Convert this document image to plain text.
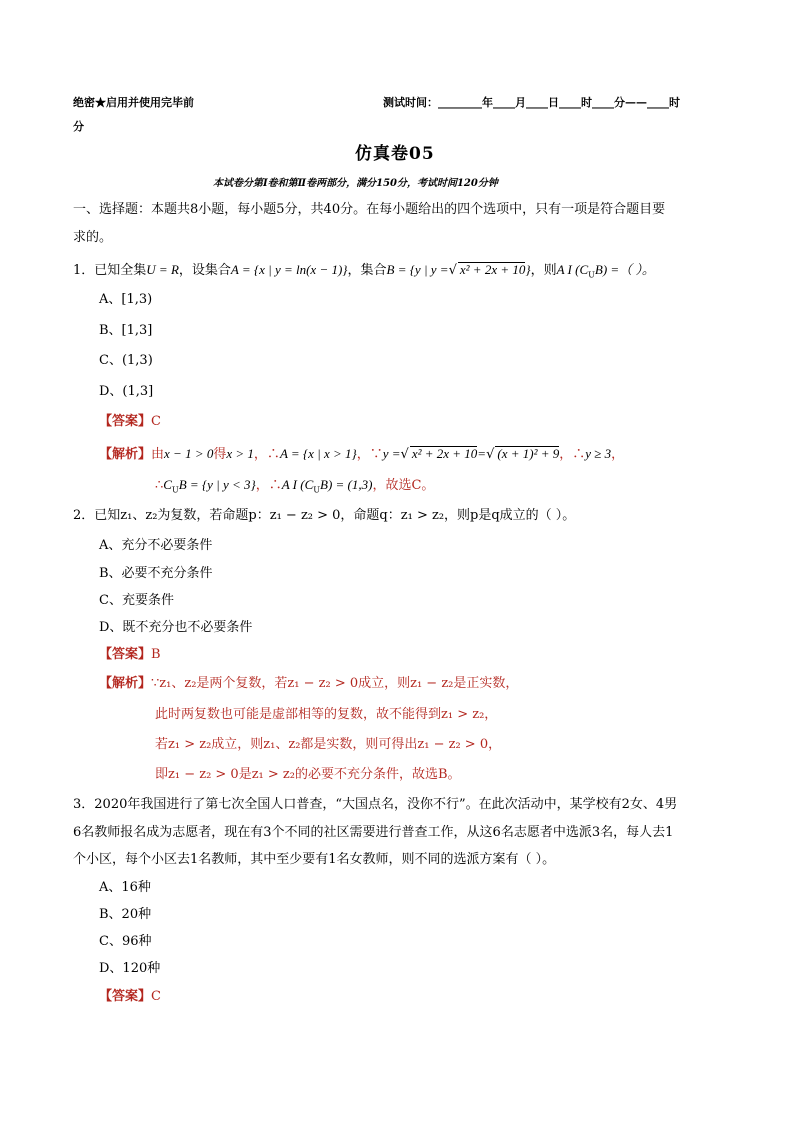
绝密★启用并使用完毕前
分
测试时间：________年____月____日____时____分——____时
仿真卷05
本试卷分第Ⅰ卷和第Ⅱ卷两部分，满分150分，考试时间120分钟
一、选择题：本题共8小题，每小题5分，共40分。在每小题给出的四个选项中，只有一项是符合题目要
求的。
1．已知全集U = R，设集合A = {x | y = ln(x − 1)}，集合B = {y | y =√ x² + 2x + 10}，则A I $(C_UB)$ =（ ）。
A、[1,3)
B、[1,3]
C、(1,3)
D、(1,3]
【答案】C
【解析】由x − 1 > 0得x > 1，∴A = {x | x > 1}，∵y =√ x² + 2x + 10=√ (x + 1)² + 9，∴y ≥ 3，
$\therefore C_UB = \{y$ | y < 3}，∴A I $(C_UB) = (1,3)$，故选C。
2．已知z₁、z₂为复数，若命题p：z₁ − z₂ > 0，命题q：z₁ > z₂，则p是q成立的（ ）。
A、充分不必要条件
B、必要不充分条件
C、充要条件
D、既不充分也不必要条件
【答案】B
【解析】∵z₁、z₂是两个复数，若z₁ − z₂ > 0成立，则z₁ − z₂是正实数，
此时两复数也可能是虚部相等的复数，故不能得到z₁ > z₂，
若z₁ > z₂成立，则z₁、z₂都是实数，则可得出z₁ − z₂ > 0，
即z₁ − z₂ > 0是z₁ > z₂的必要不充分条件，故选B。
3．2020年我国进行了第七次全国人口普查，“大国点名，没你不行”。在此次活动中，某学校有2女、4男
6名教师报名成为志愿者，现在有3个不同的社区需要进行普查工作，从这6名志愿者中选派3名，每人去1
个小区，每个小区去1名教师，其中至少要有1名女教师，则不同的选派方案有（ ）。
A、16种
B、20种
C、96种
D、120种
【答案】C
